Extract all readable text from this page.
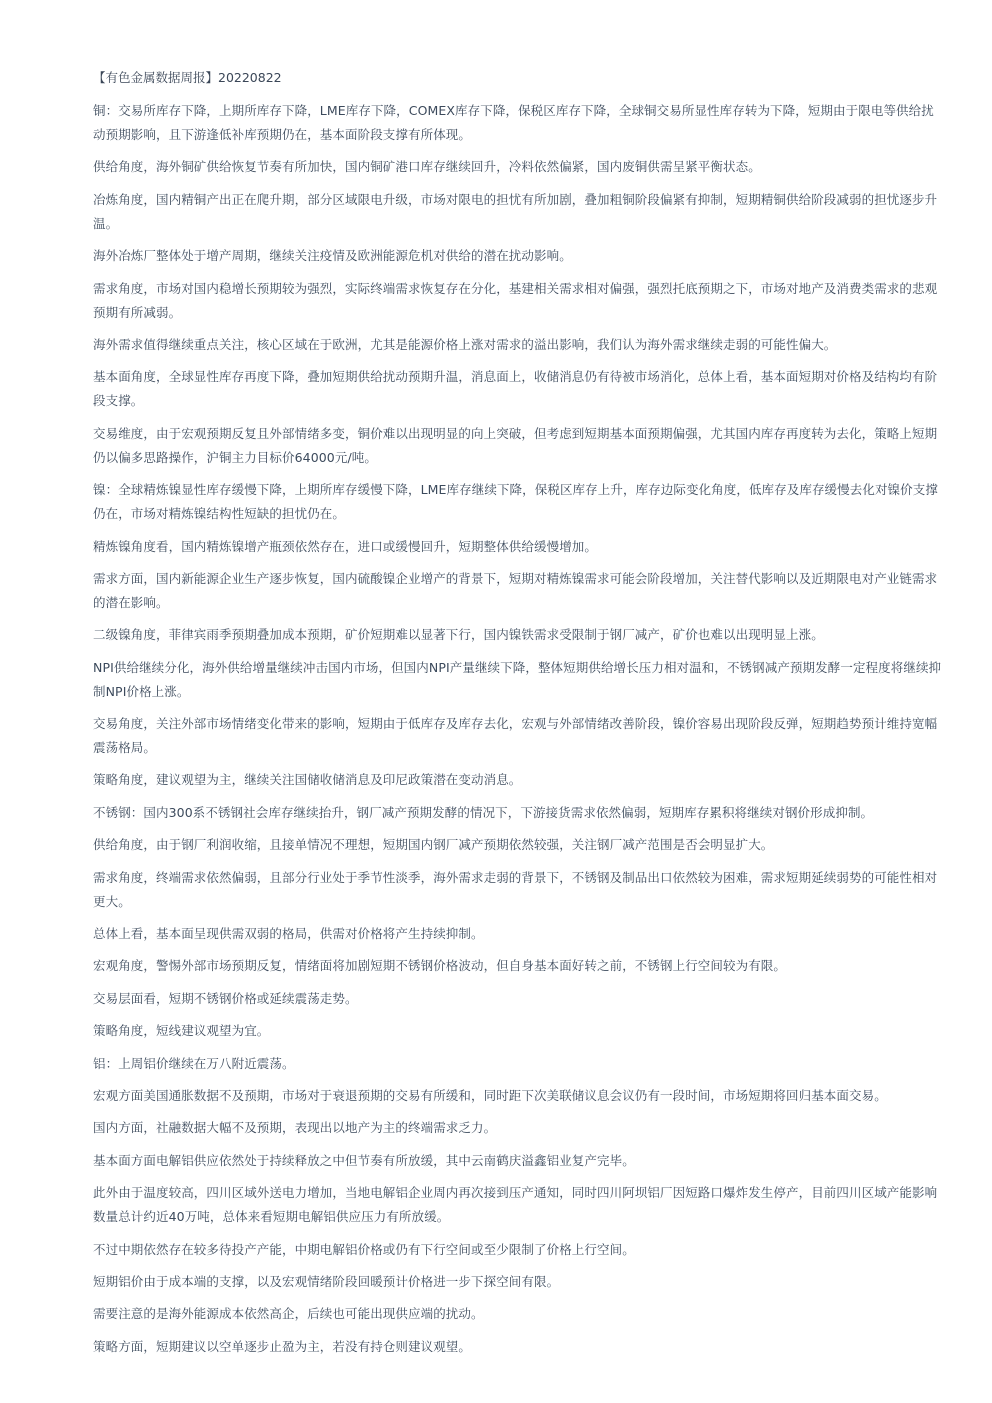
【有色金属数据周报】20220822

铜：交易所库存下降，上期所库存下降，LME库存下降，COMEX库存下降，保税区库存下降，全球铜交易所显性库存转为下降，短期由于限电等供给扰动预期影响，且下游逢低补库预期仍在，基本面阶段支撑有所体现。

供给角度，海外铜矿供给恢复节奏有所加快，国内铜矿港口库存继续回升，冷料依然偏紧，国内废铜供需呈紧平衡状态。

冶炼角度，国内精铜产出正在爬升期，部分区域限电升级，市场对限电的担忧有所加剧，叠加粗铜阶段偏紧有抑制，短期精铜供给阶段减弱的担忧逐步升温。

海外冶炼厂整体处于增产周期，继续关注疫情及欧洲能源危机对供给的潜在扰动影响。

需求角度，市场对国内稳增长预期较为强烈，实际终端需求恢复存在分化，基建相关需求相对偏强，强烈托底预期之下，市场对地产及消费类需求的悲观预期有所减弱。

海外需求值得继续重点关注，核心区域在于欧洲，尤其是能源价格上涨对需求的溢出影响，我们认为海外需求继续走弱的可能性偏大。

基本面角度，全球显性库存再度下降，叠加短期供给扰动预期升温，消息面上，收储消息仍有待被市场消化，总体上看，基本面短期对价格及结构均有阶段支撑。

交易维度，由于宏观预期反复且外部情绪多变，铜价难以出现明显的向上突破，但考虑到短期基本面预期偏强，尤其国内库存再度转为去化，策略上短期仍以偏多思路操作，沪铜主力目标价64000元/吨。

镍：全球精炼镍显性库存缓慢下降，上期所库存缓慢下降，LME库存继续下降，保税区库存上升，库存边际变化角度，低库存及库存缓慢去化对镍价支撑仍在，市场对精炼镍结构性短缺的担忧仍在。

精炼镍角度看，国内精炼镍增产瓶颈依然存在，进口或缓慢回升，短期整体供给缓慢增加。

需求方面，国内新能源企业生产逐步恢复，国内硫酸镍企业增产的背景下，短期对精炼镍需求可能会阶段增加，关注替代影响以及近期限电对产业链需求的潜在影响。

二级镍角度，菲律宾雨季预期叠加成本预期，矿价短期难以显著下行，国内镍铁需求受限制于钢厂减产，矿价也难以出现明显上涨。

NPI供给继续分化，海外供给增量继续冲击国内市场，但国内NPI产量继续下降，整体短期供给增长压力相对温和，不锈钢减产预期发酵一定程度将继续抑制NPI价格上涨。

交易角度，关注外部市场情绪变化带来的影响，短期由于低库存及库存去化，宏观与外部情绪改善阶段，镍价容易出现阶段反弹，短期趋势预计维持宽幅震荡格局。

策略角度，建议观望为主，继续关注国储收储消息及印尼政策潜在变动消息。

不锈钢：国内300系不锈钢社会库存继续抬升，钢厂减产预期发酵的情况下，下游接货需求依然偏弱，短期库存累积将继续对钢价形成抑制。

供给角度，由于钢厂利润收缩，且接单情况不理想，短期国内钢厂减产预期依然较强，关注钢厂减产范围是否会明显扩大。

需求角度，终端需求依然偏弱，且部分行业处于季节性淡季，海外需求走弱的背景下，不锈钢及制品出口依然较为困难，需求短期延续弱势的可能性相对更大。

总体上看，基本面呈现供需双弱的格局，供需对价格将产生持续抑制。

宏观角度，警惕外部市场预期反复，情绪面将加剧短期不锈钢价格波动，但自身基本面好转之前，不锈钢上行空间较为有限。

交易层面看，短期不锈钢价格或延续震荡走势。

策略角度，短线建议观望为宜。

铝：上周铝价继续在万八附近震荡。

宏观方面美国通胀数据不及预期，市场对于衰退预期的交易有所缓和，同时距下次美联储议息会议仍有一段时间，市场短期将回归基本面交易。

国内方面，社融数据大幅不及预期，表现出以地产为主的终端需求乏力。

基本面方面电解铝供应依然处于持续释放之中但节奏有所放缓，其中云南鹤庆溢鑫铝业复产完毕。

此外由于温度较高，四川区域外送电力增加，当地电解铝企业周内再次接到压产通知，同时四川阿坝铝厂因短路口爆炸发生停产，目前四川区域产能影响数量总计约近40万吨，总体来看短期电解铝供应压力有所放缓。

不过中期依然存在较多待投产产能，中期电解铝价格或仍有下行空间或至少限制了价格上行空间。

短期铝价由于成本端的支撑，以及宏观情绪阶段回暖预计价格进一步下探空间有限。

需要注意的是海外能源成本依然高企，后续也可能出现供应端的扰动。

策略方面，短期建议以空单逐步止盈为主，若没有持仓则建议观望。
